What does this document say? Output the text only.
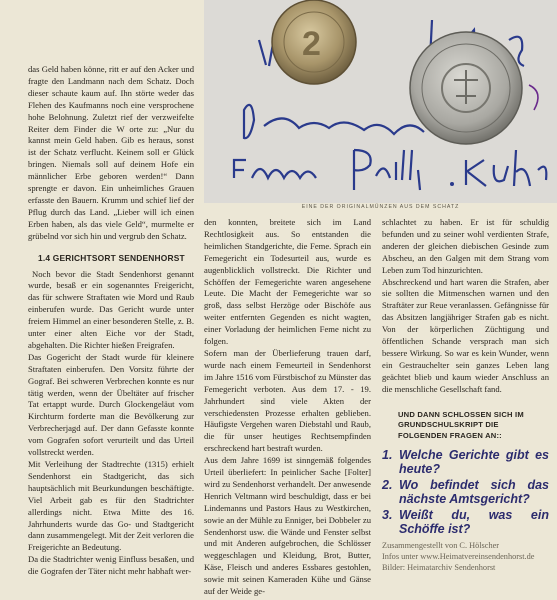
das Geld haben könne, ritt er auf den Acker und fragte den Landmann nach dem Schatz. Doch dieser schaute kaum auf. Ihn störte weder das Flehen des Kaufmanns noch eine versprochene hohe Belohnung. Zuletzt rief der verzweifelte Reiter dem Finder die W orte zu: „Nur du kannst mein Geld haben. Gib es heraus, sonst ist der Schatz verflucht. Keinem soll er Glück bringen. Niemals soll auf deinem Hofe ein männlicher Erbe geboren werden!“ Dann sprengte er davon. Ein unheimliches Grauen erfasste den Bauern. Krumm und schief lief der Pflug durch das Land. „Lieber will ich einen Erben haben, als das viele Geld“, murmelte er grübelnd vor sich hin und vergrub den Schatz.

1.4 GERICHTSORT SENDENHORST

Noch bevor die Stadt Sendenhorst genannt wurde, besaß er ein sogenanntes Freigericht, das für schwere Straftaten wie Mord und Raub einberufen wurde. Das Gericht wurde unter freiem Himmel an einer besonderen Stelle, z. B. unter einer alten Eiche vor der Stadt, abgehalten. Die Richter hießen Freigrafen.

Das Gogericht der Stadt wurde für kleinere Straftaten einberufen. Den Vorsitz führte der Gograf. Bei schweren Verbrechen konnte es nur tätig werden, wenn der Übeltäter auf frischer Tat ertappt wurde. Durch Glockengeläut vom Kirchturm forderte man die Bevölkerung zur Verbrecherjagd auf. Der dann Gefasste konnte vom Gografen sofort verurteilt und das Urteil vollstreckt werden.

Mit Verleihung der Stadtrechte (1315) erhielt Sendenhorst ein Stadtgericht, das sich hauptsächlich mit Beurkundungen beschäftigte. Viel Arbeit gab es für den Stadtrichter allerdings nicht. Etwa Mitte des 16. Jahrhunderts wurde das Go- und Stadtgericht dann zusammengelegt. Mit der Zeit verloren die Freigerichte an Bedeutung.

Da die Stadtrichter wenig Einfluss besaßen, und die Gografen der Täter nicht mehr habhaft wer-

2
EINE DER ORIGINALMÜNZEN AUS DEM SCHATZ

den konnten, breitete sich im Land Rechtlosigkeit aus. So entstanden die heimlichen Standgerichte, die Feme. Sprach ein Femegericht ein Todesurteil aus, wurde es augenblicklich vollstreckt. Die Richter und Schöffen der Femegerichte waren angesehene Leute. Die Macht der Femegerichte war so groß, dass selbst Herzöge oder Bischöfe aus weiter entfernten Gegenden es nicht wagten, einer Vorladung der heimlichen Feme nicht zu folgen.

Sofern man der Überlieferung trauen darf, wurde nach einem Femeurteil in Sendenhorst im Jahre 1516 vom Fürstbischof zu Münster das Femegericht verboten. Aus dem 17. - 19. Jahrhundert sind viele Akten der verschiedensten Prozesse erhalten geblieben. Häufigste Vergehen waren Diebstahl und Raub, die für unser heutiges Rechtsempfinden erschreckend hart bestraft wurden.

Aus dem Jahre 1699 ist sinngemäß folgendes Urteil überliefert: In peinlicher Sache [Folter] wird zu Sendenhorst verhandelt. Der anwesende Henrich Veltmann wird beschuldigt, dass er bei Lindemanns und Pastors Haus zu Westkirchen, sowie an der Mühle zu Enniger, bei Dobbeler zu Sendenhorst usw. die Wände und Fenster selbst und mit Anderen aufgebrochen, die Schlösser weggeschlagen und Kleidung, Brot, Butter, Käse, Fleisch und anderes Essbares gestohlen, sowie mit seinen Kameraden Kühe und Gänse auf der Weide ge-

schlachtet zu haben. Er ist für schuldig befunden und zu seiner wohl verdienten Strafe, anderen der gleichen diebischen Gesinde zum Abscheu, an den Galgen mit dem Strang vom Leben zum Tod hinzurichten.

Abschreckend und hart waren die Strafen, aber sie sollten die Mitmenschen warnen und den Straftäter zur Reue veranlassen. Gefängnisse für das Absitzen langjähriger Strafen gab es nicht. Von der körperlichen Züchtigung und öffentlichen Schande versprach man sich bessere Wirkung. So war es kein Wunder, wenn ein Gestrauchelter sein ganzes Leben lang geächtet blieb und kaum wieder Anschluss an die menschliche Gesellschaft fand.

UND DANN SCHLOSSEN SICH IM GRUNDSCHULSKRIPT DIE FOLGENDEN FRAGEN AN::

1. Welche Gerichte gibt es heute?
2. Wo befindet sich das nächste Amtsgericht?
3. Weißt du, was ein Schöffe ist?

Zusammengestellt von C. Hölscher

Infos unter www.Heimatvereinsendenhorst.de

Bilder: Heimatarchiv Sendenhorst
